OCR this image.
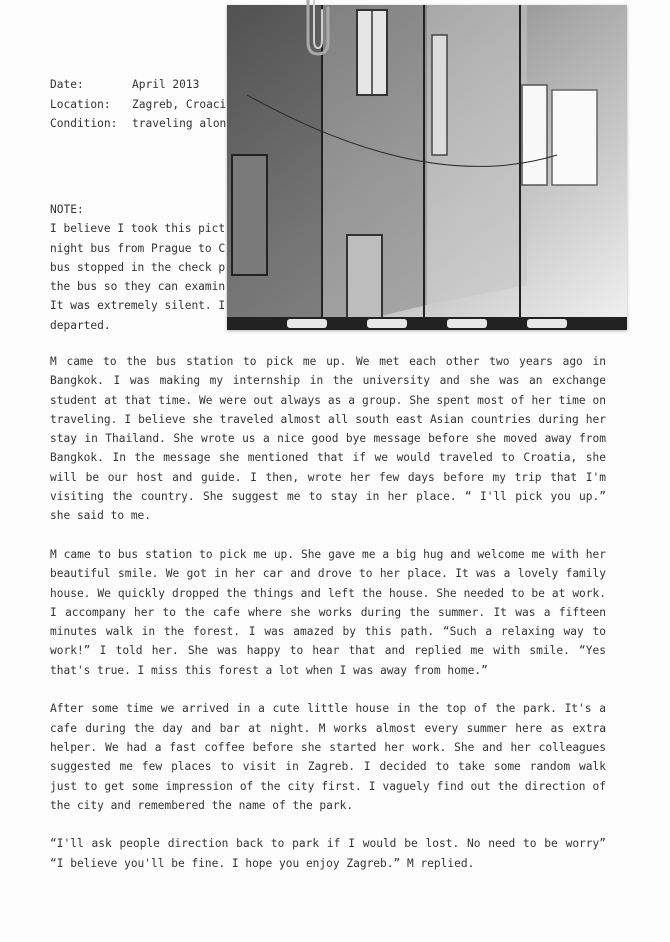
Date:	April 2013
Location:	Zagreb, Croaci
Condition:	traveling alon
NOTE:
I believe I took this pict
night bus from Prague to C
bus stopped in the check p
the bus so they can examin
It was extremely silent. I
departed.

M came to the bus station to pick me up. We met each other two years ago in Bangkok. I was making my internship in the university and she was an exchange student at that time. We were out always as a group. She spent most of her time on traveling. I believe she traveled almost all south east Asian countries during her stay in Thailand. She wrote us a nice good bye message before she moved away from Bangkok. In the message she mentioned that if we would traveled to Croatia, she will be our host and guide. I then, wrote her few days before my trip that I'm visiting the country. She suggest me to stay in her place. “ I'll pick you up.” she said to me.

M came to bus station to pick me up. She gave me a big hug and welcome me with her beautiful smile. We got in her car and drove to her place. It was a lovely family house. We quickly dropped the things and left the house. She needed to be at work. I accompany her to the cafe where she works during the summer. It was a fifteen minutes walk in the forest. I was amazed by this path. “Such a relaxing way to work!” I told her. She was happy to hear that and replied me with smile. “Yes that's true. I miss this forest a lot when I was away from home.”

After some time we arrived in a cute little house in the top of the park. It's a cafe during the day and bar at night. M works almost every summer here as extra helper. We had a fast coffee before she started her work. She and her colleagues suggested me few places to visit in Zagreb. I decided to take some random walk just to get some impression of the city first. I vaguely find out the direction of the city and remembered the name of the park.

“I'll ask people direction back to park if I would be lost. No need to be worry” “I believe you'll be fine. I hope you enjoy Zagreb.” M replied.
